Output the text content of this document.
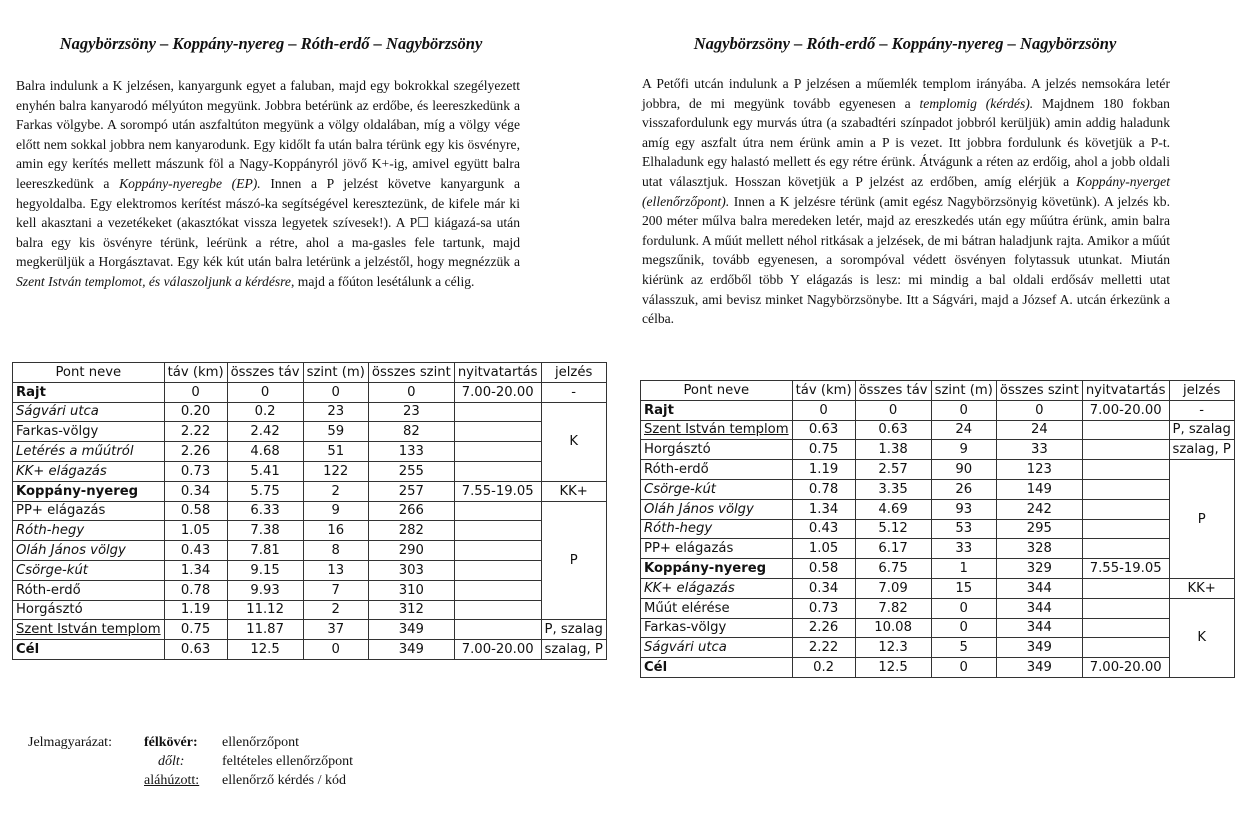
Nagybörzsöny – Koppány-nyereg – Róth-erdő – Nagybörzsöny

Balra indulunk a K jelzésen, kanyargunk egyet a faluban, majd egy bokrokkal szegélyezett enyhén balra kanyarodó mélyúton megyünk. Jobbra betérünk az erdőbe, és leereszkedünk a Farkas völgybe. A sorompó után aszfaltúton megyünk a völgy oldalában, míg a völgy vége előtt nem sokkal jobbra nem kanyarodunk. Egy kidőlt fa után balra térünk egy kis ösvényre, amin egy kerítés mellett mászunk föl a Nagy-Koppányról jövő K+-ig, amivel együtt balra leereszkedünk a Koppány-nyeregbe (EP). Innen a P jelzést követve kanyargunk a hegyoldalba. Egy elektromos kerítést mászó-ka segítségével keresztezünk, de kifele már ki kell akasztani a vezetékeket (akasztókat vissza legyetek szívesek!). A P☐ kiágazá-sa után balra egy kis ösvényre térünk, leérünk a rétre, ahol a ma-gasles fele tartunk, majd megkerüljük a Horgásztavat. Egy kék kút után balra letérünk a jelzéstől, hogy megnézzük a Szent István templomot, és válaszoljunk a kérdésre, majd a főúton lesétálunk a célig.

Pont neve	táv (km)	összes táv	szint (m)	összes szint	nyitvatartás	jelzés
Rajt	0	0	0	0	7.00-20.00	-
Ságvári utca	0.20	0.2	23	23		K
Farkas-völgy	2.22	2.42	59	82		
Letérés a műútról	2.26	4.68	51	133		
KK+ elágazás	0.73	5.41	122	255		
Koppány-nyereg	0.34	5.75	2	257	7.55-19.05	KK+
PP+ elágazás	0.58	6.33	9	266		P
Róth-hegy	1.05	7.38	16	282		
Oláh János völgy	0.43	7.81	8	290		
Csörge-kút	1.34	9.15	13	303		
Róth-erdő	0.78	9.93	7	310		
Horgásztó	1.19	11.12	2	312		
Szent István templom	0.75	11.87	37	349		P, szalag
Cél	0.63	12.5	0	349	7.00-20.00	szalag, P
Jelmagyarázat: félkövér: ellenőrzőpont
dőlt:	feltételes ellenőrzőpont
aláhúzott: ellenőrző kérdés / kód
Nagybörzsöny – Róth-erdő – Koppány-nyereg – Nagybörzsöny

A Petőfi utcán indulunk a P jelzésen a műemlék templom irányába. A jelzés nemsokára letér jobbra, de mi megyünk tovább egyenesen a templomig (kérdés). Majdnem 180 fokban visszafordulunk egy murvás útra (a szabadtéri színpadot jobbról kerüljük) amin addig haladunk amíg egy aszfalt útra nem érünk amin a P is vezet. Itt jobbra fordulunk és követjük a P-t. Elhaladunk egy halastó mellett és egy rétre érünk. Átvágunk a réten az erdőig, ahol a jobb oldali utat választjuk. Hosszan követjük a P jelzést az erdőben, amíg elérjük a Koppány-nyerget (ellenőrzőpont). Innen a K jelzésre térünk (amit egész Nagybörzsönyig követünk). A jelzés kb. 200 méter műlva balra meredeken letér, majd az ereszkedés után egy műútra érünk, amin balra fordulunk. A műút mellett néhol ritkásak a jelzések, de mi bátran haladjunk rajta. Amikor a műút megszűnik, tovább egyenesen, a sorompóval védett ösvényen folytassuk utunkat. Miután kiérünk az erdőből több Y elágazás is lesz: mi mindig a bal oldali erdősáv melletti utat válasszuk, ami bevisz minket Nagybörzsönybe. Itt a Ságvári, majd a József A. utcán érkezünk a célba.

Pont neve	táv (km)	összes táv	szint (m)	összes szint	nyitvatartás	jelzés
Rajt	0	0	0	0	7.00-20.00	-
Szent István templom	0.63	0.63	24	24		P, szalag
Horgásztó	0.75	1.38	9	33		szalag, P
Róth-erdő	1.19	2.57	90	123		P
Csörge-kút	0.78	3.35	26	149		
Oláh János völgy	1.34	4.69	93	242		
Róth-hegy	0.43	5.12	53	295		
PP+ elágazás	1.05	6.17	33	328		
Koppány-nyereg	0.58	6.75	1	329	7.55-19.05	
KK+ elágazás	0.34	7.09	15	344		KK+
Műút elérése	0.73	7.82	0	344		K
Farkas-völgy	2.26	10.08	0	344		
Ságvári utca	2.22	12.3	5	349		
Cél	0.2	12.5	0	349	7.00-20.00	
